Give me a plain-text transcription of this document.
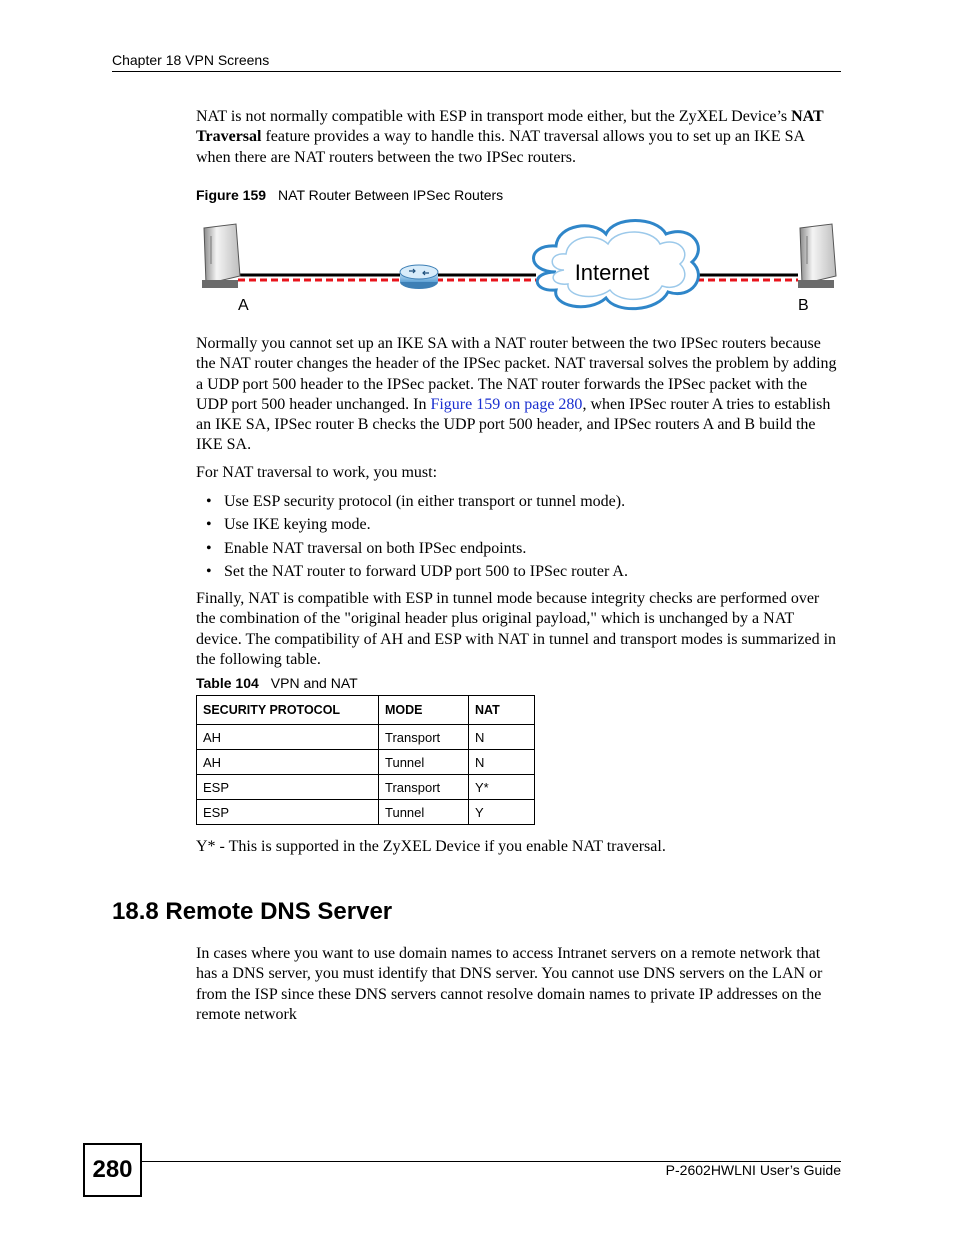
Chapter 18 VPN Screens

NAT is not normally compatible with ESP in transport mode either, but the ZyXEL Device’s NAT Traversal feature provides a way to handle this. NAT traversal allows you to set up an IKE SA when there are NAT routers between the two IPSec routers.

Figure 159 NAT Router Between IPSec Routers
A
Internet
B

Normally you cannot set up an IKE SA with a NAT router between the two IPSec routers because the NAT router changes the header of the IPSec packet. NAT traversal solves the problem by adding a UDP port 500 header to the IPSec packet. The NAT router forwards the IPSec packet with the UDP port 500 header unchanged. In Figure 159 on page 280, when IPSec router A tries to establish an IKE SA, IPSec router B checks the UDP port 500 header, and IPSec routers A and B build the IKE SA.

For NAT traversal to work, you must:

• Use ESP security protocol (in either transport or tunnel mode).
• Use IKE keying mode.
• Enable NAT traversal on both IPSec endpoints.
• Set the NAT router to forward UDP port 500 to IPSec router A.

Finally, NAT is compatible with ESP in tunnel mode because integrity checks are performed over the combination of the "original header plus original payload," which is unchanged by a NAT device. The compatibility of AH and ESP with NAT in tunnel and transport modes is summarized in the following table.

Table 104 VPN and NAT
SECURITY PROTOCOL	MODE	NAT
AH	Transport	N
AH	Tunnel	N
ESP	Transport	Y*
ESP	Tunnel	Y

Y* - This is supported in the ZyXEL Device if you enable NAT traversal.

18.8 Remote DNS Server

In cases where you want to use domain names to access Intranet servers on a remote network that has a DNS server, you must identify that DNS server. You cannot use DNS servers on the LAN or from the ISP since these DNS servers cannot resolve domain names to private IP addresses on the remote network

280	P-2602HWLNI User’s Guide
